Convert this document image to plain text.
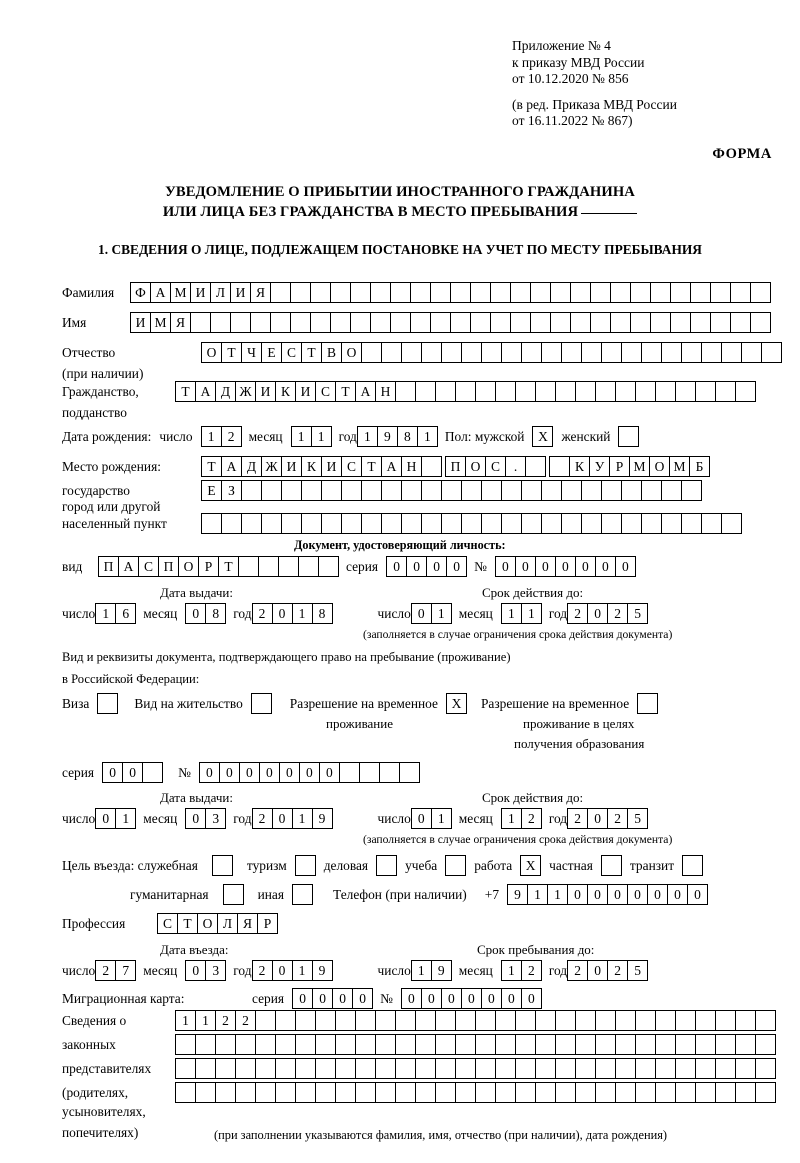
Приложение № 4
к приказу МВД России
от 10.12.2020 № 856
(в ред. Приказа МВД России
от 16.11.2022 № 867)
ФОРМА
УВЕДОМЛЕНИЕ О ПРИБЫТИИ ИНОСТРАННОГО ГРАЖДАНИНА
ИЛИ ЛИЦА БЕЗ ГРАЖДАНСТВА В МЕСТО ПРЕБЫВАНИЯ
1. СВЕДЕНИЯ О ЛИЦЕ, ПОДЛЕЖАЩЕМ ПОСТАНОВКЕ НА УЧЕТ ПО МЕСТУ ПРЕБЫВАНИЯ
Фамилия	Ф А М И Л И Я
Имя	И М Я
Отчество	О Т Ч Е С Т В О
(при наличии)
Гражданство,	Т А Д Ж И К И С Т А Н
подданство
Дата рождения: число	1 2	месяц	1 1	год 1 9 8 1	Пол: мужской	X	женский
Место рождения:	Т А Д Ж И К И С Т А Н	П О С	.	К У Р М О М Б
государство	Е З
город или другой
населенный пункт
Документ, удостоверяющий личность:
вид	П А С П О Р Т	серия	0 0 0 0	№	0 0 0 0 0 0 0
Дата выдачи:	Срок действия до:
число 1 6	месяц	0 8	год 2 0 1 8	число 0 1	месяц	1 1	год 2 0 2 5
(заполняется в случае ограничения срока действия документа)
Вид и реквизиты документа, подтверждающего право на пребывание (проживание)
в Российской Федерации:
Виза	Вид на жительство	Разрешение на временное	X	Разрешение на временное
проживание	проживание в целях
получения образования
серия	0 0	№	0 0 0 0 0 0 0
Дата выдачи:	Срок действия до:
число 0 1	месяц	0 3	год 2 0 1 9	число 0 1	месяц	1 2	год 2 0 2 5
(заполняется в случае ограничения срока действия документа)
Цель въезда: служебная	туризм	деловая	учеба	работа	X	частная	транзит
гуманитарная	иная	Телефон (при наличии) +7	9 1 1 0 0 0 0 0 0 0
Профессия	С Т О Л Я Р
Дата въезда:	Срок пребывания до:
число 2 7	месяц	0 3	год 2 0 1 9	число 1 9	месяц	1 2	год 2 0 2 5
Миграционная карта:	серия	0 0 0 0	№	0 0 0 0 0 0 0
Сведения о	1 1 2 2
законных
представителях
(родителях,
усыновителях,
попечителях)	(при заполнении указываются фамилия, имя, отчество (при наличии), дата рождения)
